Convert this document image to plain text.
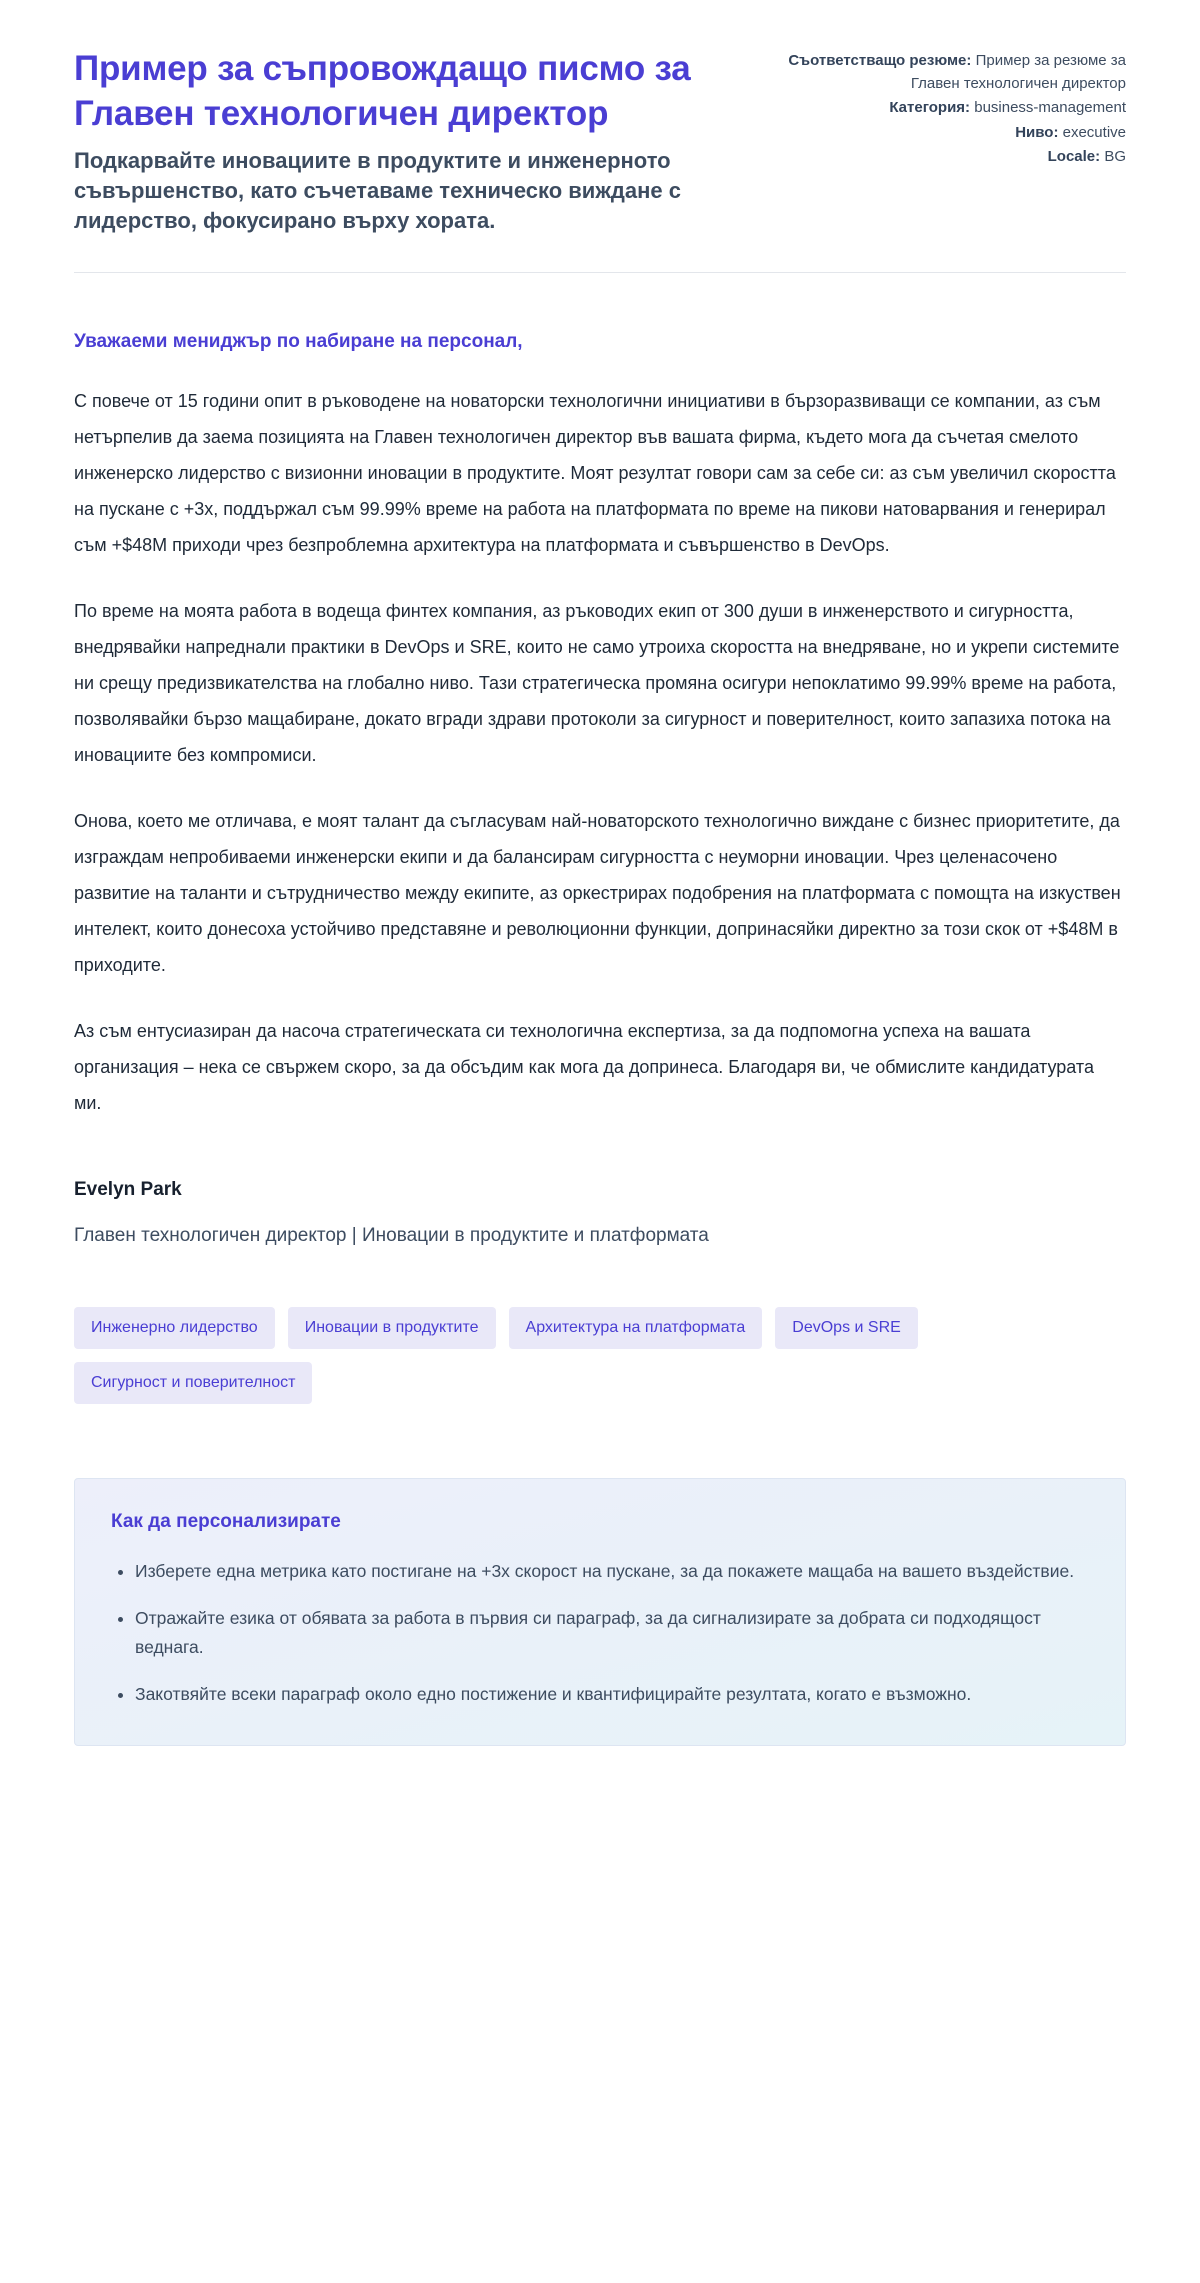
Пример за съпровождащо писмо за Главен технологичен директор

Подкарвайте иновациите в продуктите и инженерното съвършенство, като съчетаваме техническо виждане с лидерство, фокусирано върху хората.

Съответстващо резюме: Пример за резюме за Главен технологичен директор

Категория: business-management

Ниво: executive

Locale: BG

Уважаеми мениджър по набиране на персонал,

С повече от 15 години опит в ръководене на новаторски технологични инициативи в бързоразвиващи се компании, аз съм нетърпелив да заема позицията на Главен технологичен директор във вашата фирма, където мога да съчетая смелото инженерско лидерство с визионни иновации в продуктите. Моят резултат говори сам за себе си: аз съм увеличил скоростта на пускане с +3x, поддържал съм 99.99% време на работа на платформата по време на пикови натоварвания и генерирал съм +$48M приходи чрез безпроблемна архитектура на платформата и съвършенство в DevOps.

По време на моята работа в водеща финтех компания, аз ръководих екип от 300 души в инженерството и сигурността, внедрявайки напреднали практики в DevOps и SRE, които не само утроиха скоростта на внедряване, но и укрепи системите ни срещу предизвикателства на глобално ниво. Тази стратегическа промяна осигури непоклатимо 99.99% време на работа, позволявайки бързо мащабиране, докато вгради здрави протоколи за сигурност и поверителност, които запазиха потока на иновациите без компромиси.

Онова, което ме отличава, е моят талант да съгласувам най-новаторското технологично виждане с бизнес приоритетите, да изграждам непробиваеми инженерски екипи и да балансирам сигурността с неуморни иновации. Чрез целенасочено развитие на таланти и сътрудничество между екипите, аз оркестрирах подобрения на платформата с помощта на изкуствен интелект, които донесоха устойчиво представяне и революционни функции, допринасяйки директно за този скок от +$48M в приходите.

Аз съм ентусиазиран да насоча стратегическата си технологична експертиза, за да подпомогна успеха на вашата организация – нека се свържем скоро, за да обсъдим как мога да допринеса. Благодаря ви, че обмислите кандидатурата ми.

Evelyn Park

Главен технологичен директор | Иновации в продуктите и платформата

Инженерно лидерство	Иновации в продуктите	Архитектура на платформата	DevOps и SRE
Сигурност и поверителност
Как да персонализирате
• Изберете една метрика като постигане на +3x скорост на пускане, за да покажете мащаба на вашето въздействие.
• Отражайте езика от обявата за работа в първия си параграф, за да сигнализирате за добрата си подходящост веднага.
• Закотвяйте всеки параграф около едно постижение и квантифицирайте резултата, когато е възможно.
